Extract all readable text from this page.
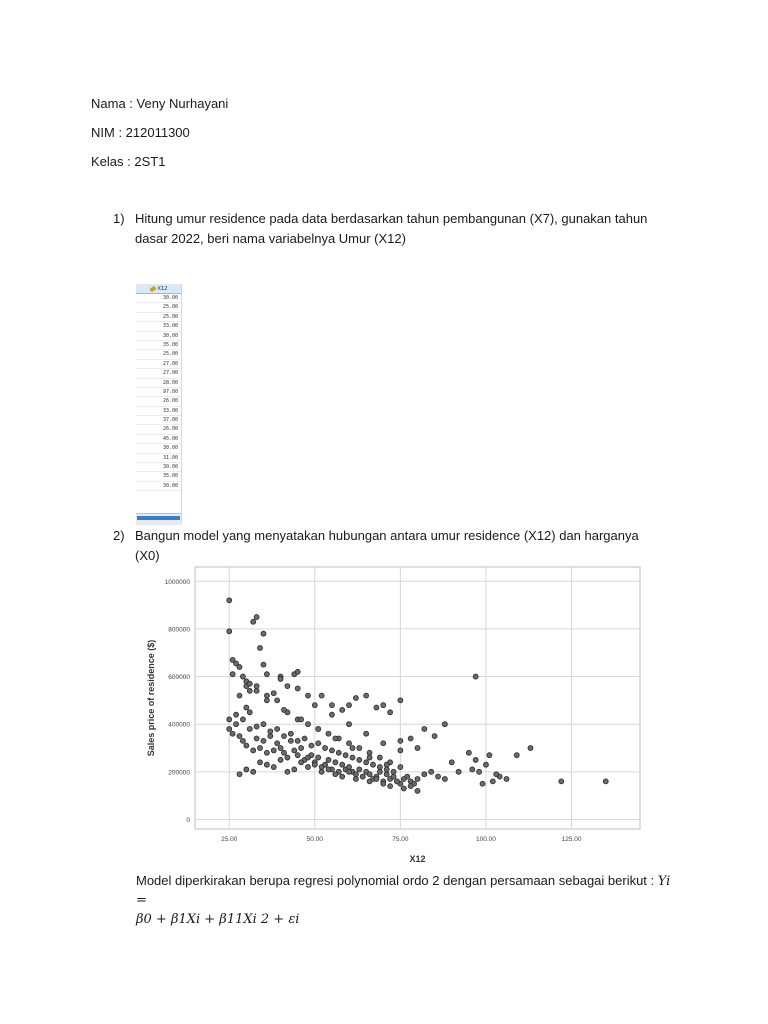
Nama : Veny Nurhayani
NIM : 212011300
Kelas : 2ST1
1) Hitung umur residence pada data berdasarkan tahun pembangunan (X7), gunakan tahun dasar 2022, beri nama variabelnya Umur (X12)
X12
30.00
25.00
25.00
33.00
30.00
35.00
25.00
27.00
27.00
28.00
97.00
26.00
33.00
37.00
26.00
45.00
30.00
31.00
30.00
35.00
30.00
2) Bangun model yang menyatakan hubungan antara umur residence (X12) dan harganya (X0)
0
200000
400000
600000
800000
1000000
25.00	50.00	75.00	100.00	125.00
X12
Sales price of residence ($)
Model diperkirakan berupa regresi polynomial ordo 2 dengan persamaan sebagai berikut : Yi =
β0 + β1Xi + β11Xi 2 + εi
